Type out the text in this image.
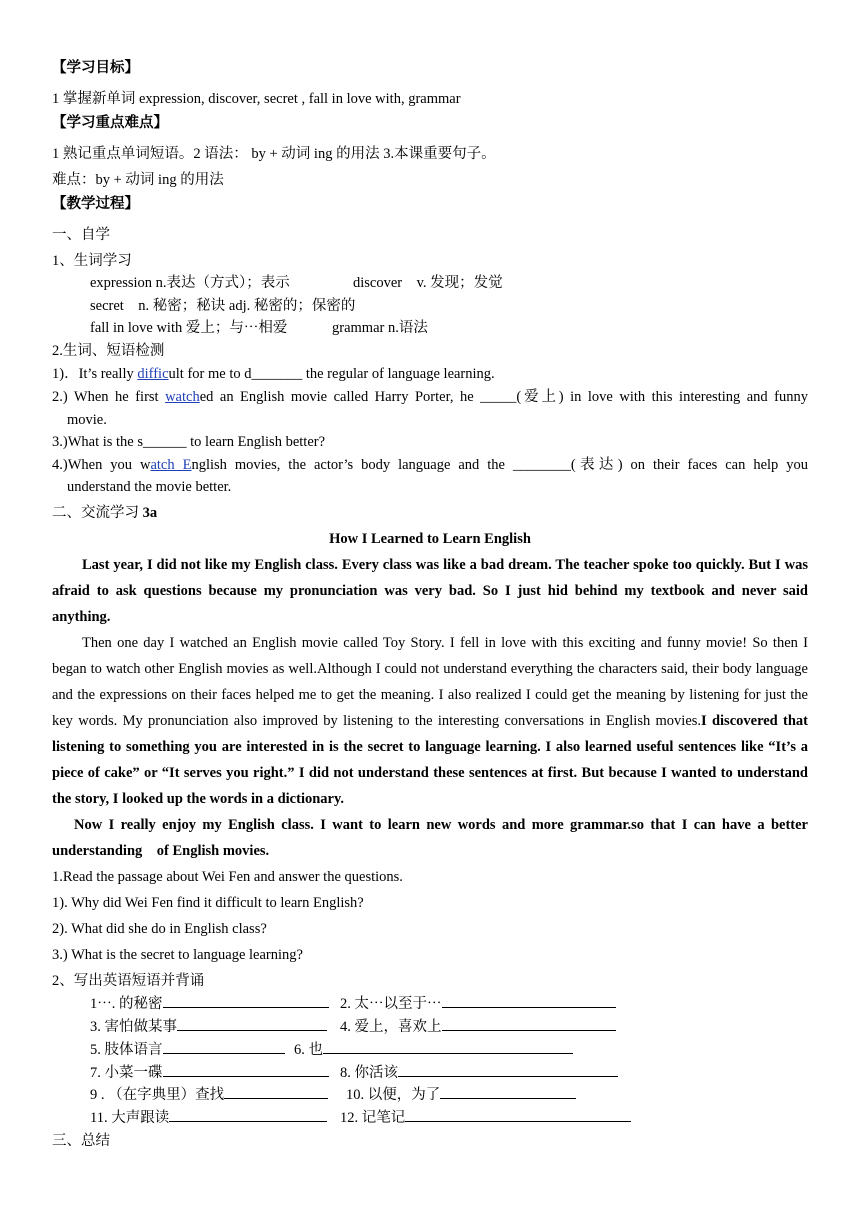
【学习目标】
1 掌握新单词 expression, discover, secret , fall in love with, grammar
【学习重点难点】
1 熟记重点单词短语。2 语法： by + 动词 ing 的用法 3.本课重要句子。
难点：by + 动词 ing 的用法
【教学过程】
一、自学
1、生词学习
expression n.表达（方式）；表示	discover　v. 发现；发觉
secret　n. 秘密；秘诀 adj. 秘密的；保密的
fall in love with 爱上；与⋯相爱	grammar n.语法
2.生词、短语检测
1)．It’s really difficult for me to d_______ the regular of language learning.
2.) When he first watched an English movie called Harry Porter, he _____(爱上) in love with this interesting and funny
movie.
3.)What is the s______ to learn English better?
4.)When you watch English movies, the actor’s body language and the ________(表达) on their faces can help you
understand the movie better.
二、交流学习 3a
How I Learned to Learn English
Last year, I did not like my English class. Every class was like a bad dream. The teacher spoke too quickly. But I was afraid to ask questions because my pronunciation was very bad. So I just hid behind my textbook and never said anything.
Then one day I watched an English movie called Toy Story. I fell in love with this exciting and funny movie! So then I began to watch other English movies as well.Although I could not understand everything the characters said, their body language and the expressions on their faces helped me to get the meaning. I also realized I could get the meaning by listening for just the key words. My pronunciation also improved by listening to the interesting conversations in English movies.I discovered that listening to something you are interested in is the secret to language learning. I also learned useful sentences like “It’s a piece of cake” or “It serves you right.” I did not understand these sentences at first. But because I wanted to understand the story, I looked up the words in a dictionary.
Now I really enjoy my English class. I want to learn new words and more grammar.so that I can have a better understanding　of English movies.
1.Read the passage about Wei Fen and answer the questions.
1). Why did Wei Fen find it difficult to learn English?
2). What did she do in English class?
3.) What is the secret to language learning?
2、写出英语短语并背诵
1⋯. 的秘密	2. 太⋯以至于⋯
3. 害怕做某事	4. 爱上，喜欢上
5. 肢体语言	6. 也
7. 小菜一碟	8. 你活该
9 . （在字典里）查找	10. 以便，为了
11. 大声跟读	12. 记笔记
三、总结
